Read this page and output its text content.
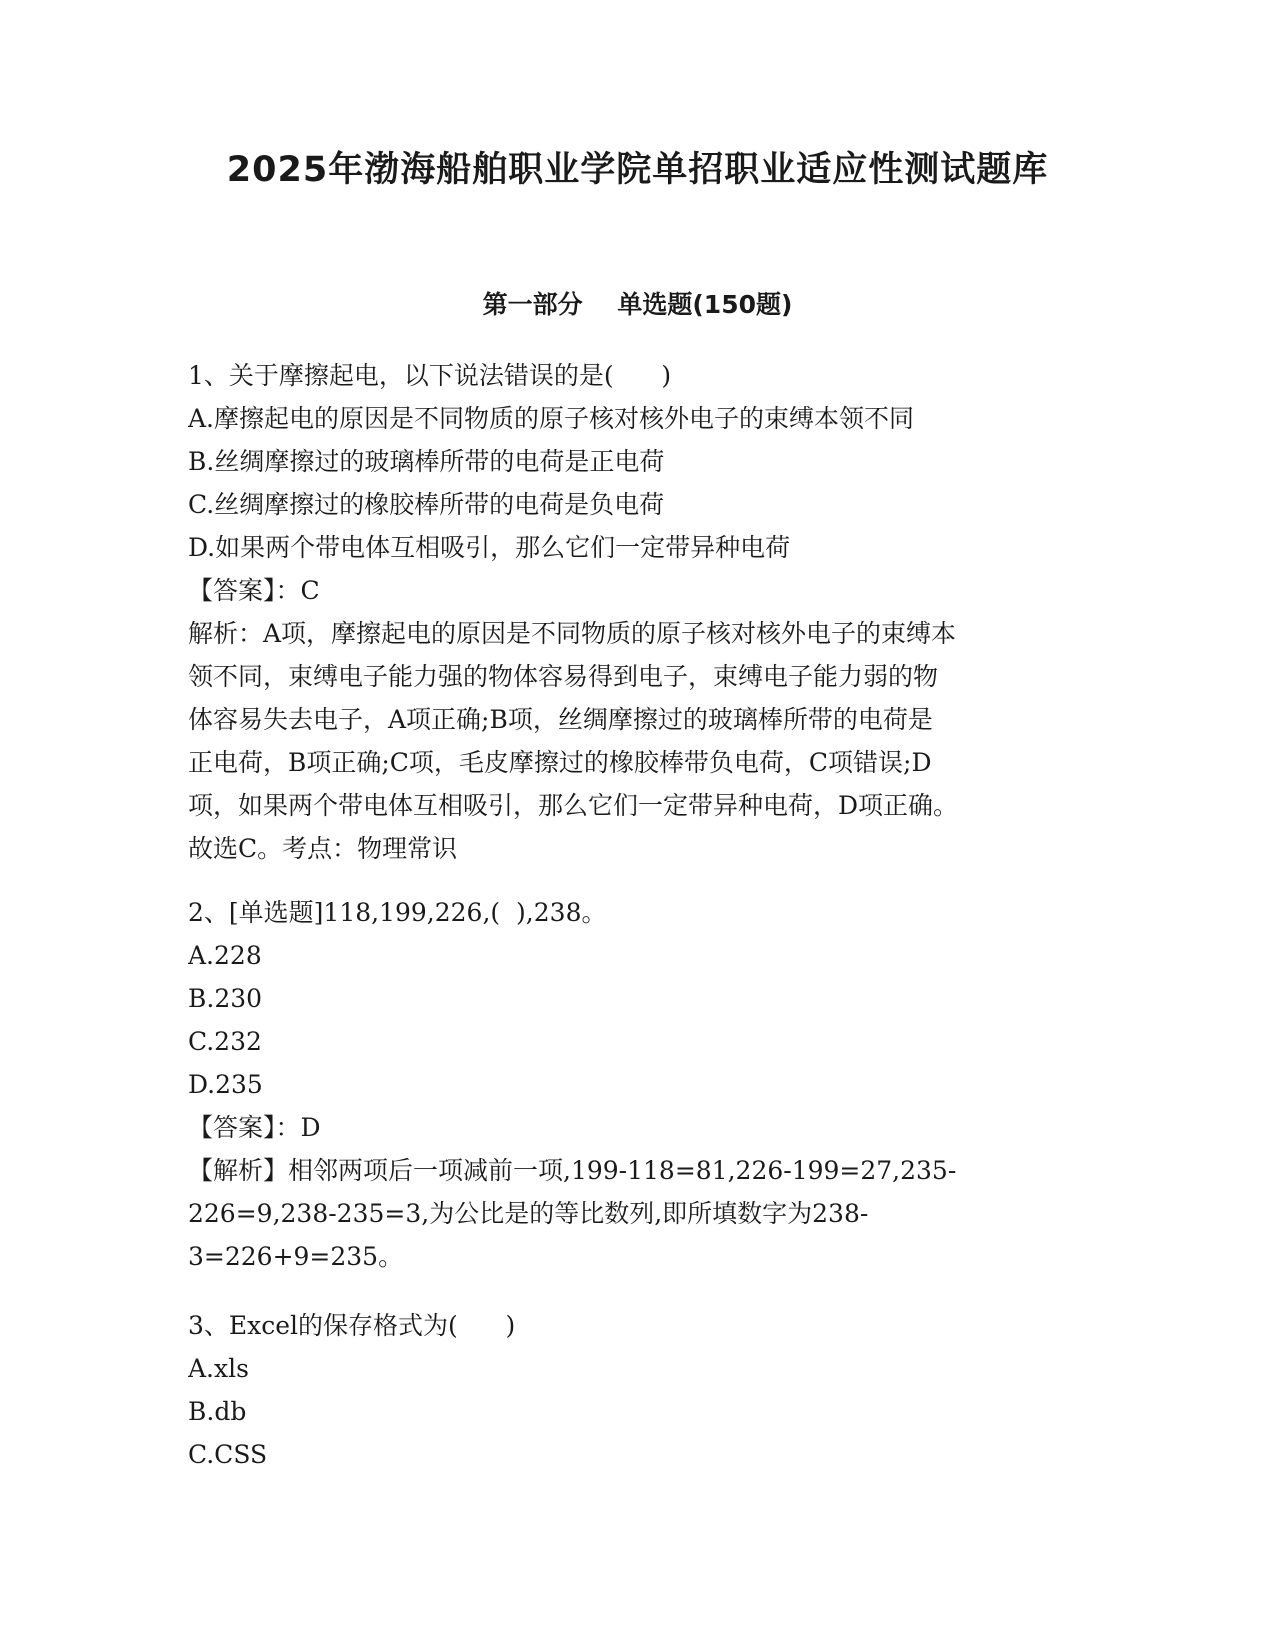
2025年渤海船舶职业学院单招职业适应性测试题库
第一部分    单选题(150题)
1、关于摩擦起电，以下说法错误的是(      )
A.摩擦起电的原因是不同物质的原子核对核外电子的束缚本领不同
B.丝绸摩擦过的玻璃棒所带的电荷是正电荷
C.丝绸摩擦过的橡胶棒所带的电荷是负电荷
D.如果两个带电体互相吸引，那么它们一定带异种电荷
【答案】：C
解析：A项，摩擦起电的原因是不同物质的原子核对核外电子的束缚本
领不同，束缚电子能力强的物体容易得到电子，束缚电子能力弱的物
体容易失去电子，A项正确;B项，丝绸摩擦过的玻璃棒所带的电荷是
正电荷，B项正确;C项，毛皮摩擦过的橡胶棒带负电荷，C项错误;D
项，如果两个带电体互相吸引，那么它们一定带异种电荷，D项正确。
故选C。考点：物理常识
2、[单选题]118,199,226,(  ),238。
A.228
B.230
C.232
D.235
【答案】：D
【解析】相邻两项后一项减前一项,199-118=81,226-199=27,235-
226=9,238-235=3,为公比是的等比数列,即所填数字为238-
3=226+9=235。
3、Excel的保存格式为(      )
A.xls
B.db
C.CSS
